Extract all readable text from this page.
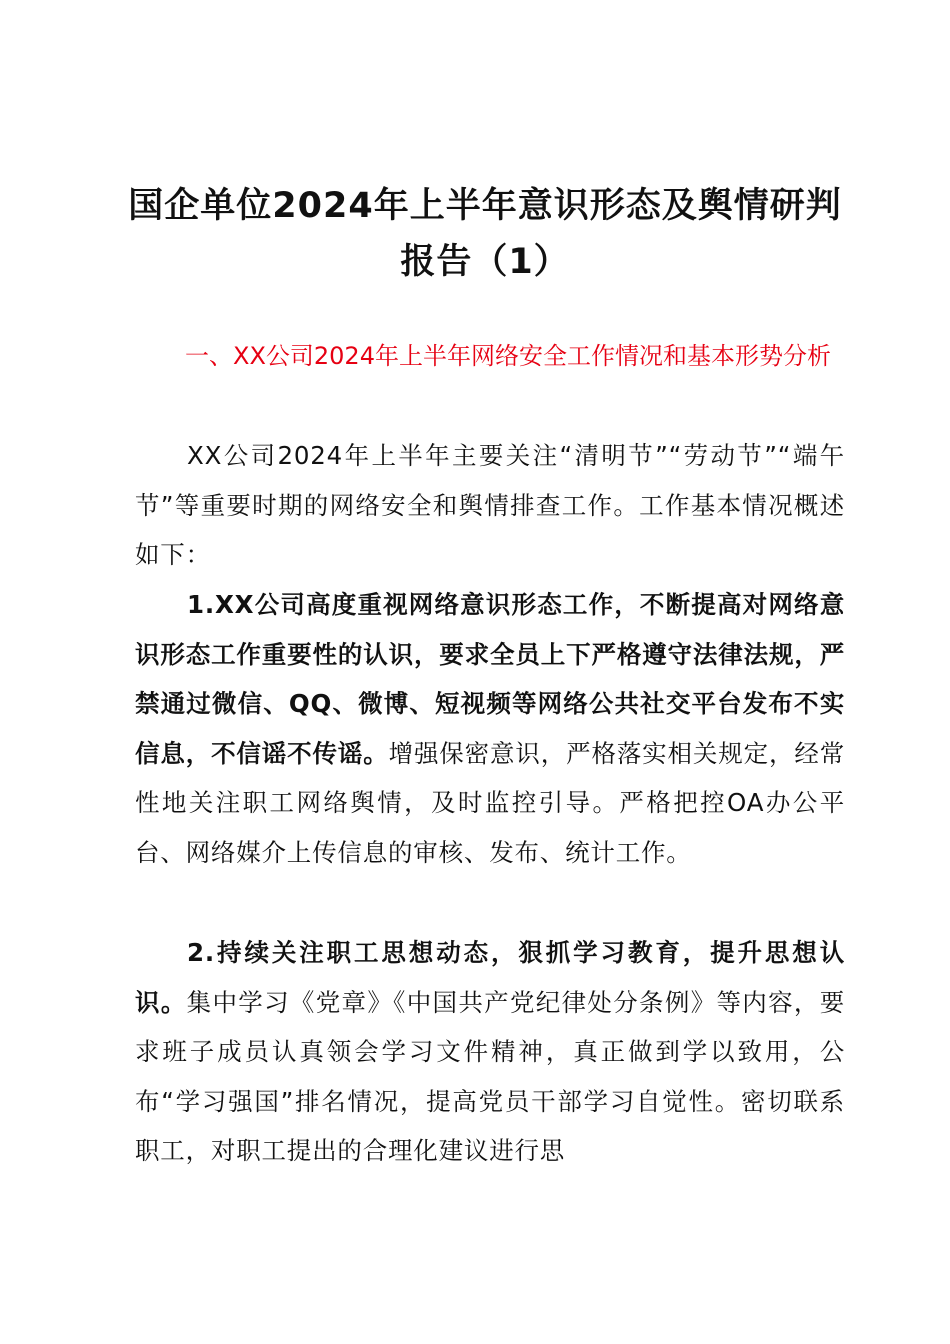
国企单位2024年上半年意识形态及舆情研判报告（1）
一、XX公司2024年上半年网络安全工作情况和基本形势分析

XX公司2024年上半年主要关注“清明节”“劳动节”“端午节”等重要时期的网络安全和舆情排查工作。工作基本情况概述如下：

1.XX公司高度重视网络意识形态工作，不断提高对网络意识形态工作重要性的认识，要求全员上下严格遵守法律法规，严禁通过微信、QQ、微博、短视频等网络公共社交平台发布不实信息，不信谣不传谣。增强保密意识，严格落实相关规定，经常性地关注职工网络舆情，及时监控引导。严格把控OA办公平台、网络媒介上传信息的审核、发布、统计工作。

2.持续关注职工思想动态，狠抓学习教育，提升思想认识。集中学习《党章》《中国共产党纪律处分条例》等内容，要求班子成员认真领会学习文件精神，真正做到学以致用，公布“学习强国”排名情况，提高党员干部学习自觉性。密切联系职工，对职工提出的合理化建议进行思
